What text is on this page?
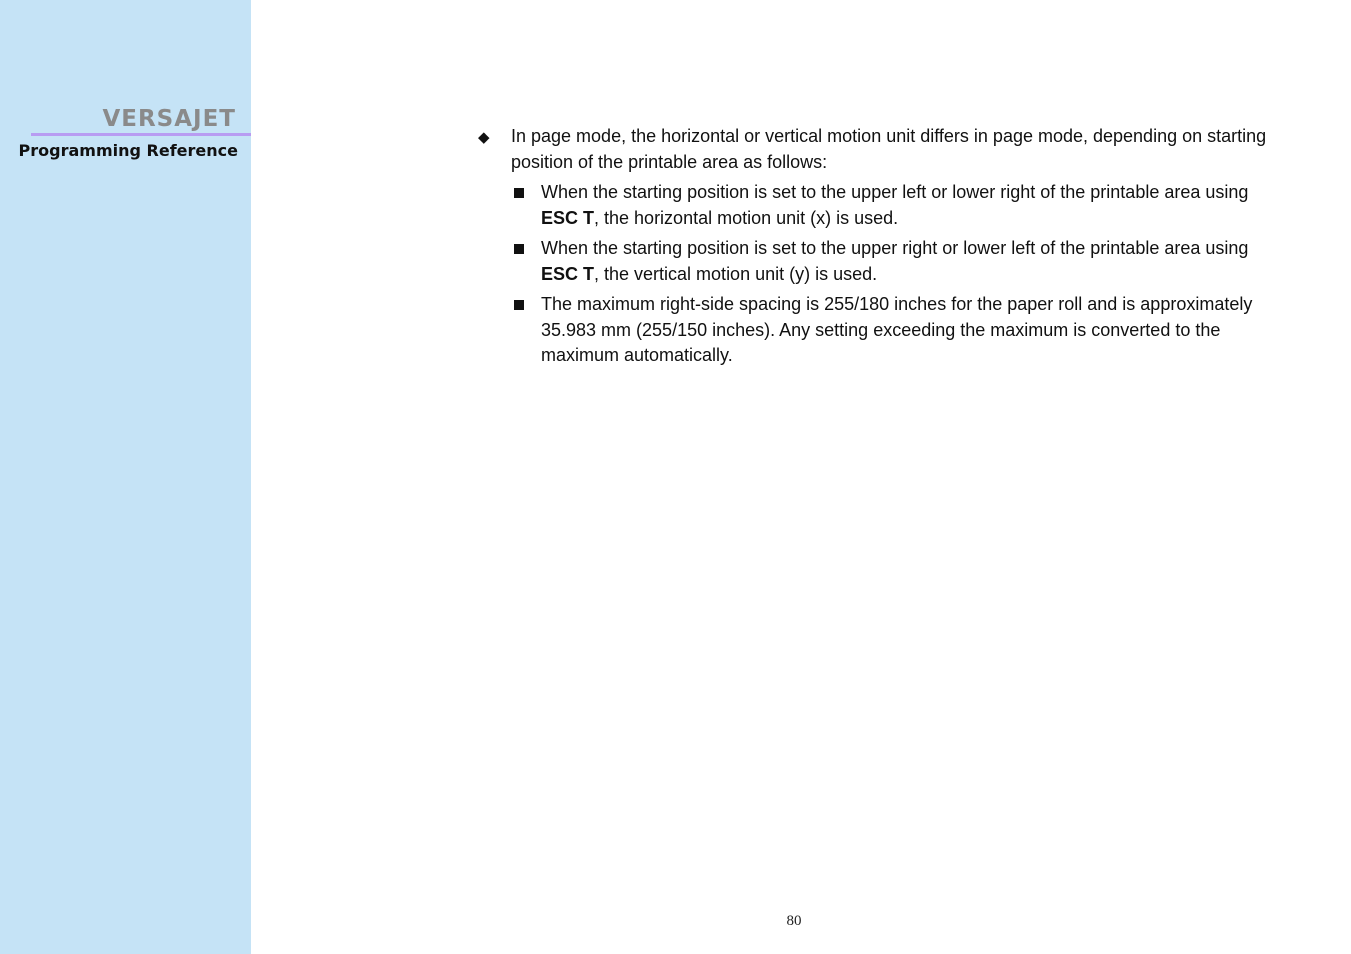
VERSAJET
Programming Reference
◆ In page mode, the horizontal or vertical motion unit differs in page mode, depending on starting position of the printable area as follows:
When the starting position is set to the upper left or lower right of the printable area using ESC T, the horizontal motion unit (x) is used.
When the starting position is set to the upper right or lower left of the printable area using ESC T, the vertical motion unit (y) is used.
The maximum right-side spacing is 255/180 inches for the paper roll and is approximately 35.983 mm (255/150 inches). Any setting exceeding the maximum is converted to the maximum automatically.
80
